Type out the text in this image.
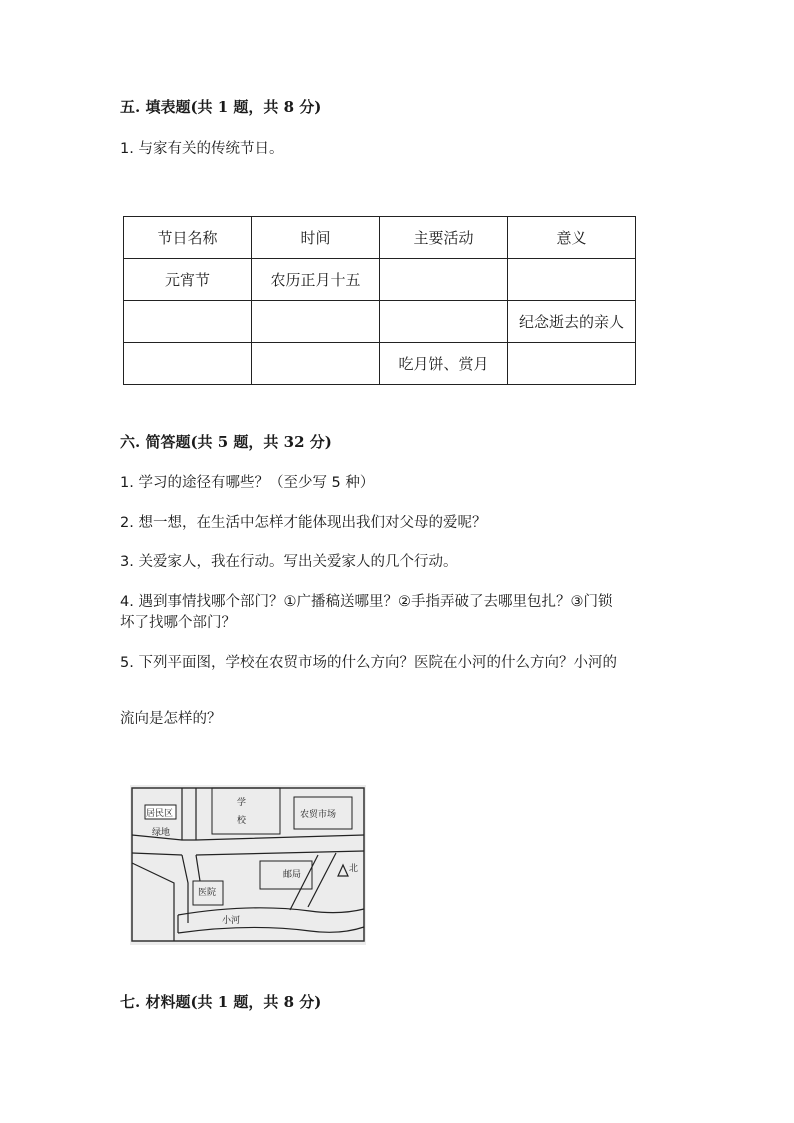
五. 填表题(共 1 题，共 8 分)
1. 与家有关的传统节日。
节日名称	时间	主要活动	意义
元宵节	农历正月十五		
			纪念逝去的亲人
		吃月饼、赏月	
六. 简答题(共 5 题，共 32 分)
1. 学习的途径有哪些？（至少写 5 种）
2. 想一想，在生活中怎样才能体现出我们对父母的爱呢？
3. 关爱家人，我在行动。写出关爱家人的几个行动。
4. 遇到事情找哪个部门？①广播稿送哪里？②手指弄破了去哪里包扎？③门锁
坏了找哪个部门？
5. 下列平面图，学校在农贸市场的什么方向？医院在小河的什么方向？小河的
流向是怎样的？
居民区
绿地
学
校
农贸市场
邮局
北
医院
小河
七. 材料题(共 1 题，共 8 分)
